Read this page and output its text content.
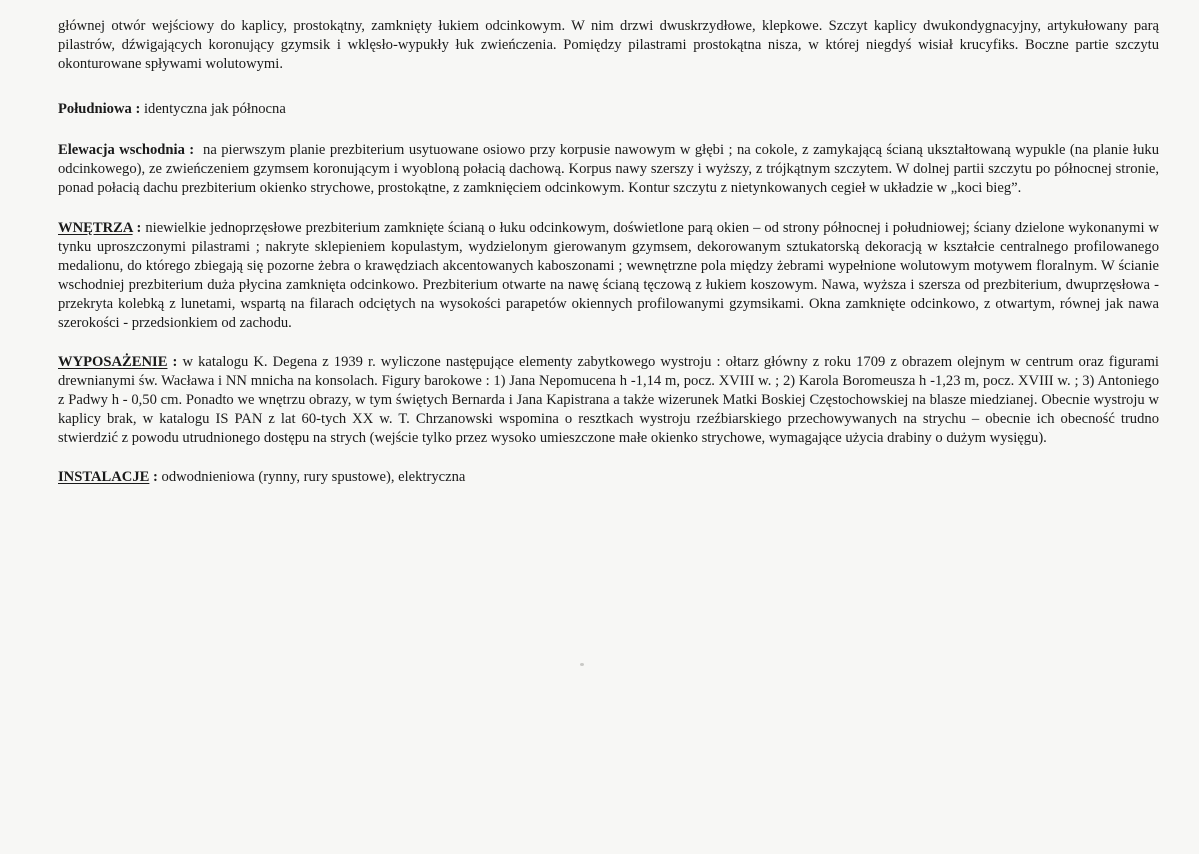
głównej otwór wejściowy do kaplicy, prostokątny, zamknięty łukiem odcinkowym. W nim drzwi dwuskrzydłowe, klepkowe. Szczyt kaplicy dwukondygnacyjny, artykułowany parą pilastrów, dźwigających koronujący gzymsik i wklęsło-wypukły łuk zwieńczenia. Pomiędzy pilastrami prostokątna nisza, w której niegdyś wisiał krucyfiks. Boczne partie szczytu okonturowane spływami wolutowymi.

Południowa : identyczna jak północna

Elewacja wschodnia : na pierwszym planie prezbiterium usytuowane osiowo przy korpusie nawowym w głębi ; na cokole, z zamykającą ścianą ukształtowaną wypukle (na planie łuku odcinkowego), ze zwieńczeniem gzymsem koronującym i wyobloną połacią dachową. Korpus nawy szerszy i wyższy, z trójkątnym szczytem. W dolnej partii szczytu po północnej stronie, ponad połacią dachu prezbiterium okienko strychowe, prostokątne, z zamknięciem odcinkowym. Kontur szczytu z nietynkowanych cegieł w układzie w „koci bieg”.

WNĘTRZA : niewielkie jednoprzęsłowe prezbiterium zamknięte ścianą o łuku odcinkowym, doświetlone parą okien – od strony północnej i południowej; ściany dzielone wykonanymi w tynku uproszczonymi pilastrami ; nakryte sklepieniem kopulastym, wydzielonym gierowanym gzymsem, dekorowanym sztukatorską dekoracją w kształcie centralnego profilowanego medalionu, do którego zbiegają się pozorne żebra o krawędziach akcentowanych kaboszonami ; wewnętrzne pola między żebrami wypełnione wolutowym motywem floralnym. W ścianie wschodniej prezbiterium duża płycina zamknięta odcinkowo. Prezbiterium otwarte na nawę ścianą tęczową z łukiem koszowym. Nawa, wyższa i szersza od prezbiterium, dwuprzęsłowa - przekryta kolebką z lunetami, wspartą na filarach odciętych na wysokości parapetów okiennych profilowanymi gzymsikami. Okna zamknięte odcinkowo, z otwartym, równej jak nawa szerokości - przedsionkiem od zachodu.

WYPOSAŻENIE : w katalogu K. Degena z 1939 r. wyliczone następujące elementy zabytkowego wystroju : ołtarz główny z roku 1709 z obrazem olejnym w centrum oraz figurami drewnianymi św. Wacława i NN mnicha na konsolach. Figury barokowe : 1) Jana Nepomucena h -1,14 m, pocz. XVIII w. ; 2) Karola Boromeusza h -1,23 m, pocz. XVIII w. ; 3) Antoniego z Padwy h - 0,50 cm. Ponadto we wnętrzu obrazy, w tym świętych Bernarda i Jana Kapistrana a także wizerunek Matki Boskiej Częstochowskiej na blasze miedzianej. Obecnie wystroju w kaplicy brak, w katalogu IS PAN z lat 60-tych XX w. T. Chrzanowski wspomina o resztkach wystroju rzeźbiarskiego przechowywanych na strychu – obecnie ich obecność trudno stwierdzić z powodu utrudnionego dostępu na strych (wejście tylko przez wysoko umieszczone małe okienko strychowe, wymagające użycia drabiny o dużym wysięgu).

INSTALACJE : odwodnieniowa (rynny, rury spustowe), elektryczna
